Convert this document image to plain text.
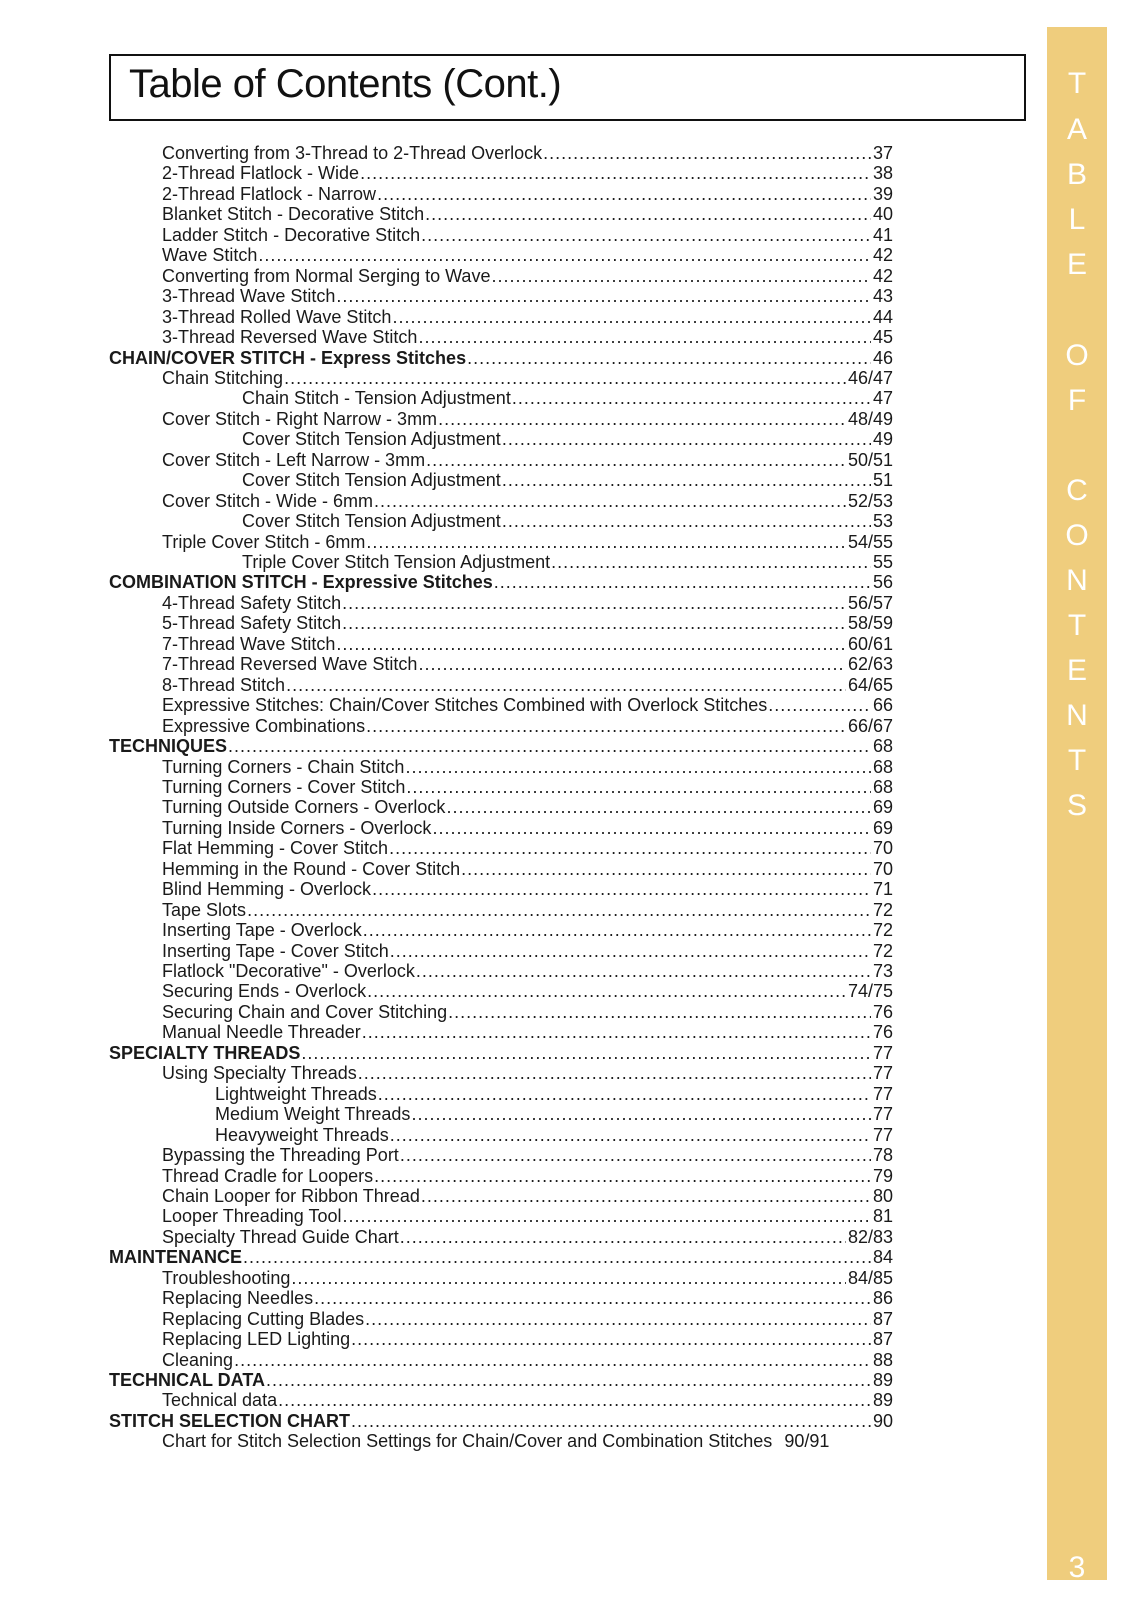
Table of Contents (Cont.)
Converting from 3-Thread to 2-Thread Overlock .....	37
2-Thread Flatlock - Wide .....	38
2-Thread Flatlock - Narrow .....	39
Blanket Stitch - Decorative Stitch .....	40
Ladder Stitch - Decorative Stitch .....	41
Wave Stitch .....	42
Converting from Normal Serging to Wave .....	42
3-Thread Wave Stitch .....	43
3-Thread Rolled Wave Stitch .....	44
3-Thread Reversed Wave Stitch .....	45
CHAIN/COVER STITCH - Express Stitches .....	46
Chain Stitching .....	46/47
Chain Stitch - Tension Adjustment .....	47
Cover Stitch - Right Narrow - 3mm .....	48/49
Cover Stitch Tension Adjustment .....	49
Cover Stitch - Left Narrow - 3mm .....	50/51
Cover Stitch Tension Adjustment .....	51
Cover Stitch - Wide - 6mm .....	52/53
Cover Stitch Tension Adjustment .....	53
Triple Cover Stitch - 6mm .....	54/55
Triple Cover Stitch Tension Adjustment .....	55
COMBINATION STITCH - Expressive Stitches .....	56
4-Thread Safety Stitch .....	56/57
5-Thread Safety Stitch .....	58/59
7-Thread Wave Stitch .....	60/61
7-Thread Reversed Wave Stitch .....	62/63
8-Thread Stitch .....	64/65
Expressive Stitches: Chain/Cover Stitches Combined with Overlock Stitches .....	66
Expressive Combinations .....	66/67
TECHNIQUES .....	68
Turning Corners - Chain Stitch .....	68
Turning Corners - Cover Stitch .....	68
Turning Outside Corners - Overlock .....	69
Turning Inside Corners - Overlock .....	69
Flat Hemming - Cover Stitch .....	70
Hemming in the Round - Cover Stitch .....	70
Blind Hemming - Overlock .....	71
Tape Slots .....	72
Inserting Tape - Overlock .....	72
Inserting Tape - Cover Stitch .....	72
Flatlock "Decorative" - Overlock .....	73
Securing Ends - Overlock .....	74/75
Securing Chain and Cover Stitching .....	76
Manual Needle Threader .....	76
SPECIALTY THREADS .....	77
Using Specialty Threads .....	77
Lightweight Threads .....	77
Medium Weight Threads .....	77
Heavyweight Threads .....	77
Bypassing the Threading Port .....	78
Thread Cradle for Loopers .....	79
Chain Looper for Ribbon Thread .....	80
Looper Threading Tool .....	81
Specialty Thread Guide Chart .....	82/83
MAINTENANCE .....	84
Troubleshooting .....	84/85
Replacing Needles .....	86
Replacing Cutting Blades .....	87
Replacing LED Lighting .....	87
Cleaning .....	88
TECHNICAL DATA .....	89
Technical data .....	89
STITCH SELECTION CHART .....	90
Chart for Stitch Selection Settings for Chain/Cover and Combination Stitches 90/91
3
T
A
B
L
E
O
F
C
O
N
T
E
N
T
S
